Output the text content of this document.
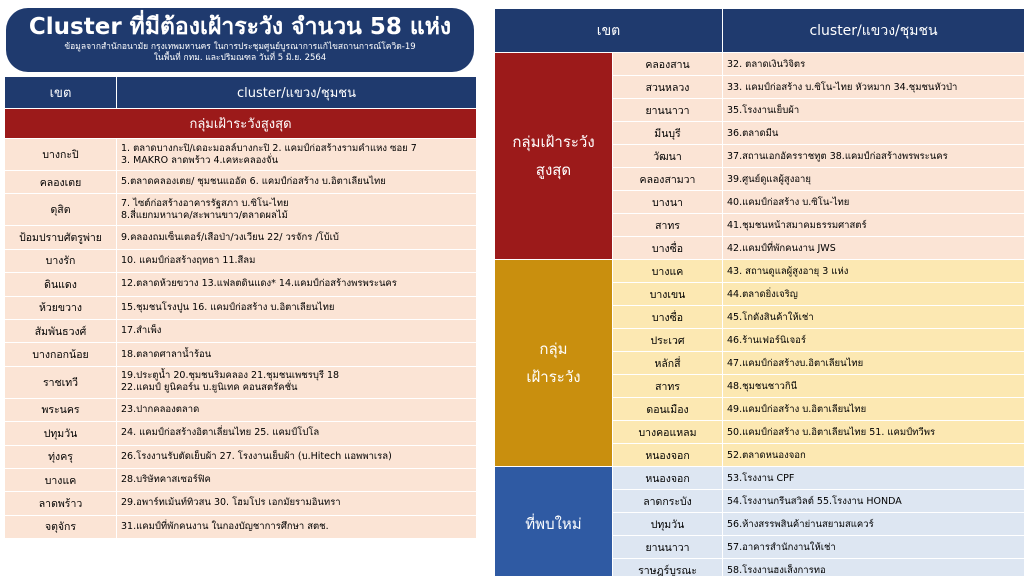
Cluster ที่มีต้องเฝ้าระวัง จำนวน 58 แห่ง
ข้อมูลจากสำนักอนามัย กรุงเทพมหานคร ในการประชุมศูนย์บูรณาการแก้ไขสถานการณ์โควิด-19
ในพื้นที่ กทม. และปริมณฑล วันที่ 5 มิ.ย. 2564
เขต	cluster/แขวง/ชุมชน
กลุ่มเฝ้าระวังสูงสุด	
บางกะปิ	1. ตลาดบางกะปิ/เดอะมอลล์บางกะปิ 2. แคมป์ก่อสร้างรามคำแหง ซอย 7
3. MAKRO ลาดพร้าว 4.เคหะคลองจั่น
คลองเตย	5.ตลาดคลองเตย/ ชุมชนแออัด 6. แคมป์ก่อสร้าง บ.อิตาเลียนไทย
ดุสิต	7. ไซต์ก่อสร้างอาคารรัฐสภา บ.ซิโน-ไทย
8.สี่แยกมหานาค/สะพานขาว/ตลาดผลไม้
ป้อมปราบศัตรูพ่าย	9.คลองถมเซ็นเตอร์/เสือป่า/วงเวียน 22/ วรจักร /โบ้เบ้
บางรัก	10. แคมป์ก่อสร้างฤทธา 11.สีลม
ดินแดง	12.ตลาดห้วยขวาง 13.แฟลตดินแดง* 14.แคมป์ก่อสร้างพรพระนคร
ห้วยขวาง	15.ชุมชนโรงปูน 16. แคมป์ก่อสร้าง บ.อิตาเลียนไทย
สัมพันธวงศ์	17.สำเพ็ง
บางกอกน้อย	18.ตลาดศาลาน้ำร้อน
ราชเทวี	19.ประตูน้ำ 20.ชุมชนริมคลอง 21.ชุมชนเพชรบุรี 18
22.แคมป์ ยูนิคอร์น บ.ยูนิเทค คอนสตรัคชั่น
พระนคร	23.ปากคลองตลาด
ปทุมวัน	24. แคมป์ก่อสร้างอิตาเลี่ยนไทย 25. แคมป์โปโล
ทุ่งครุ	26.โรงงานรับตัดเย็บผ้า 27. โรงงานเย็บผ้า (บ.Hitech แอพพาเรล)
บางแค	28.บริษัทคาสเซอร์ฟิค
ลาดพร้าว	29.อพาร์ทเม้นท์ทิวสน 30. โฮมโปร เอกมัยรามอินทรา
จตุจักร	31.แคมป์ที่พักคนงาน ในกองบัญชาการศึกษา สตช.
เขต		cluster/แขวง/ชุมชน
กลุ่มเฝ้าระวัง
สูงสุด	คลองสาน	32. ตลาดเงินวิจิตร
	สวนหลวง	33. แคมป์ก่อสร้าง บ.ซิโน-ไทย หัวหมาก 34.ชุมชนหัวป่า
	ยานนาวา	35.โรงงานเย็บผ้า
	มีนบุรี	36.ตลาดมีน
	วัฒนา	37.สถานเอกอัครราชทูต 38.แคมป์ก่อสร้างพรพระนคร
	คลองสามวา	39.ศูนย์ดูแลผู้สูงอายุ
	บางนา	40.แคมป์ก่อสร้าง บ.ซิโน-ไทย
	สาทร	41.ชุมชนหน้าสมาคมธรรมศาสตร์
	บางซื่อ	42.แคมป์ที่พักคนงาน JWS
กลุ่ม
เฝ้าระวัง	บางแค	43. สถานดูแลผู้สูงอายุ 3 แห่ง
	บางเขน	44.ตลาดยิ่งเจริญ
	บางซื่อ	45.โกดังสินค้าให้เช่า
	ประเวศ	46.ร้านเฟอร์นิเจอร์
	หลักสี่	47.แคมป์ก่อสร้างบ.อิตาเลียนไทย
	สาทร	48.ชุมชนชาวกินี
	ดอนเมือง	49.แคมป์ก่อสร้าง บ.อิตาเลียนไทย
	บางคอแหลม	50.แคมป์ก่อสร้าง บ.อิตาเลียนไทย 51. แคมป์ทวีพร
	หนองจอก	52.ตลาดหนองจอก
ที่พบใหม่	หนองจอก	53.โรงงาน CPF
	ลาดกระบัง	54.โรงงานกรีนสวิลต์ 55.โรงงาน HONDA
	ปทุมวัน	56.ห้างสรรพสินค้าย่านสยามสแควร์
	ยานนาวา	57.อาคารสำนักงานให้เช่า
	ราษฎร์บูรณะ	58.โรงงานฮงเส็งการทอ
